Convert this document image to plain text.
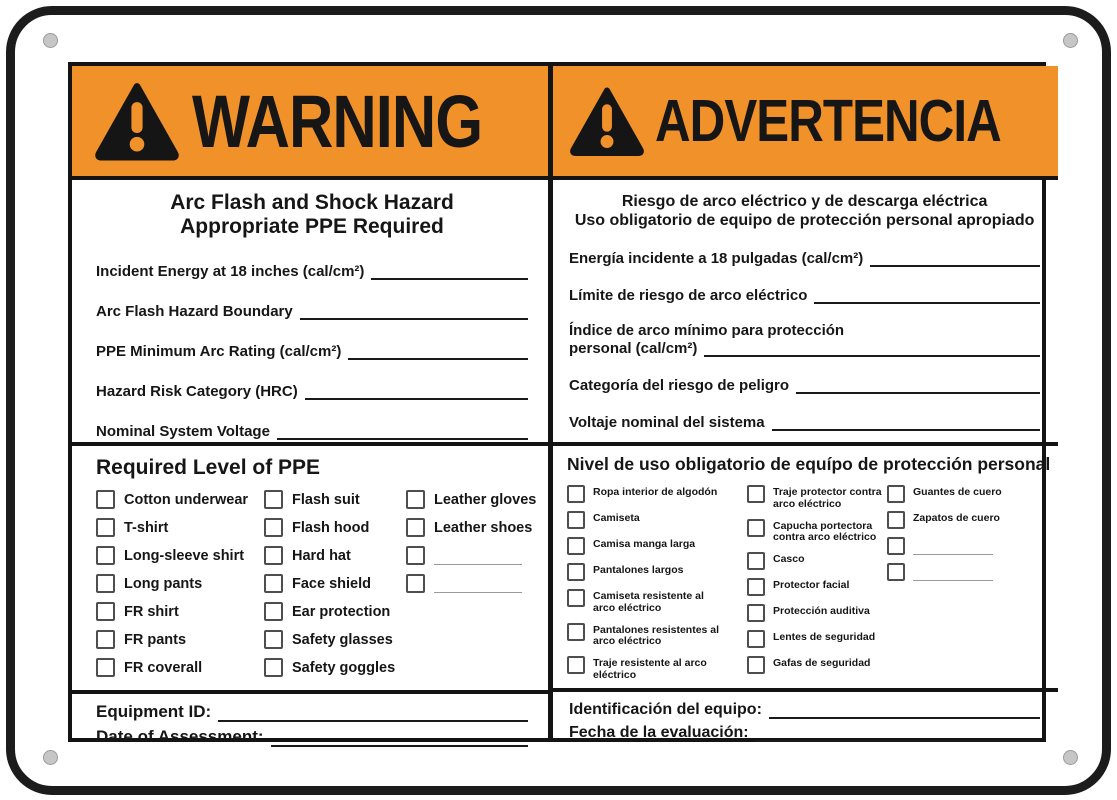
WARNING
Arc Flash and Shock Hazard
Appropriate PPE Required
Incident Energy at 18 inches (cal/cm²)
Arc Flash Hazard Boundary
PPE Minimum Arc Rating (cal/cm²)
Hazard Risk Category (HRC)
Nominal System Voltage
Required Level of PPE
Cotton underwear
T-shirt
Long-sleeve shirt
Long pants
FR shirt
FR pants
FR coverall
Flash suit
Flash hood
Hard hat
Face shield
Ear protection
Safety glasses
Safety goggles
Leather gloves
Leather shoes
Equipment ID:
Date of Assessment:
ADVERTENCIA
Riesgo de arco eléctrico y de descarga eléctrica
Uso obligatorio de equipo de protección personal apropiado
Energía incidente a 18 pulgadas (cal/cm²)
Límite de riesgo de arco eléctrico
Índice de arco mínimo para protección
personal (cal/cm²)
Categoría del riesgo de peligro
Voltaje nominal del sistema
Nivel de uso obligatorio de equípo de protección personal
Ropa interior de algodón
Camiseta
Camisa manga larga
Pantalones largos
Camiseta resistente al
arco eléctrico
Pantalones resistentes al
arco eléctrico
Traje resistente al arco eléctrico
Traje protector contra
arco eléctrico
Capucha portectora
contra arco eléctrico
Casco
Protector facial
Protección auditiva
Lentes de seguridad
Gafas de seguridad
Guantes de cuero
Zapatos de cuero
Identificación del equipo:
Fecha de la evaluación:
